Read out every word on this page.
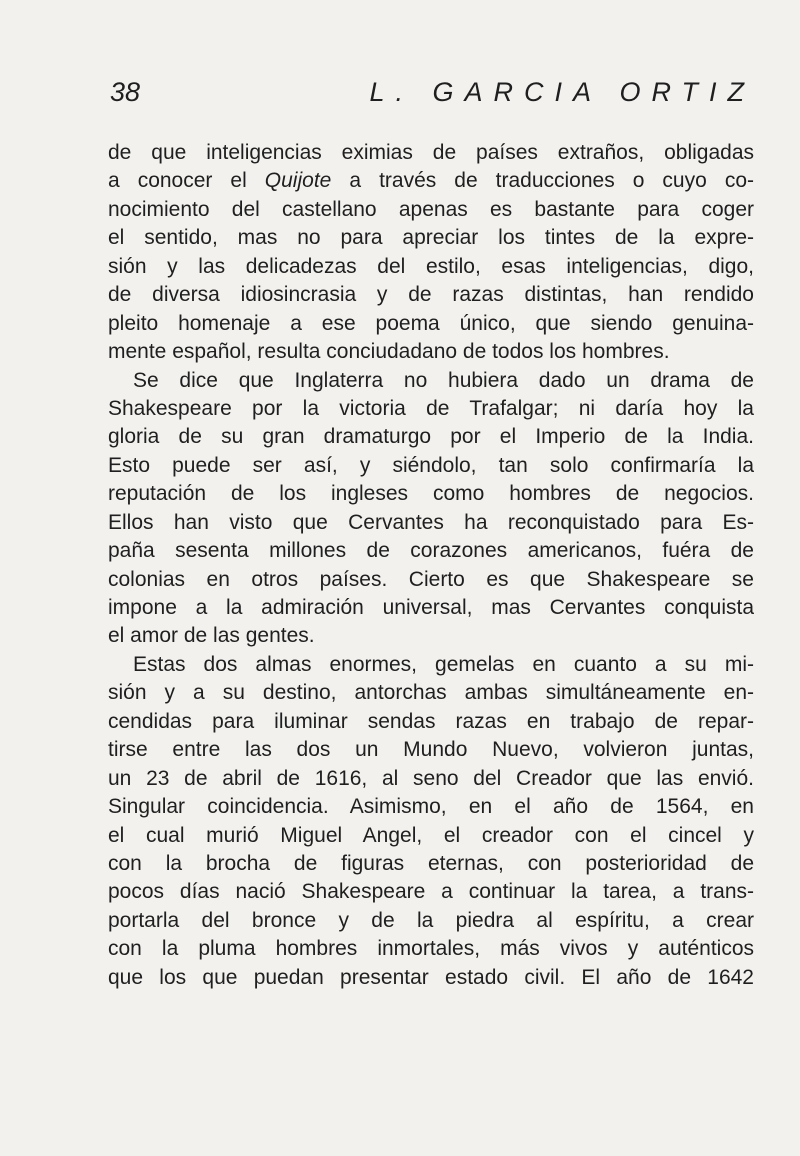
38	L. GARCIA ORTIZ
de que inteligencias eximias de países extraños, obligadas
a conocer el Quijote a través de traducciones o cuyo co-
nocimiento del castellano apenas es bastante para coger
el sentido, mas no para apreciar los tintes de la expre-
sión y las delicadezas del estilo, esas inteligencias, digo,
de diversa idiosincrasia y de razas distintas, han rendido
pleito homenaje a ese poema único, que siendo genuina-
mente español, resulta conciudadano de todos los hombres.
Se dice que Inglaterra no hubiera dado un drama de
Shakespeare por la victoria de Trafalgar; ni daría hoy la
gloria de su gran dramaturgo por el Imperio de la India.
Esto puede ser así, y siéndolo, tan solo confirmaría la
reputación de los ingleses como hombres de negocios.
Ellos han visto que Cervantes ha reconquistado para Es-
paña sesenta millones de corazones americanos, fuéra de
colonias en otros países. Cierto es que Shakespeare se
impone a la admiración universal, mas Cervantes conquista
el amor de las gentes.
Estas dos almas enormes, gemelas en cuanto a su mi-
sión y a su destino, antorchas ambas simultáneamente en-
cendidas para iluminar sendas razas en trabajo de repar-
tirse entre las dos un Mundo Nuevo, volvieron juntas,
un 23 de abril de 1616, al seno del Creador que las envió.
Singular coincidencia. Asimismo, en el año de 1564, en
el cual murió Miguel Angel, el creador con el cincel y
con la brocha de figuras eternas, con posterioridad de
pocos días nació Shakespeare a continuar la tarea, a trans-
portarla del bronce y de la piedra al espíritu, a crear
con la pluma hombres inmortales, más vivos y auténticos
que los que puedan presentar estado civil. El año de 1642
